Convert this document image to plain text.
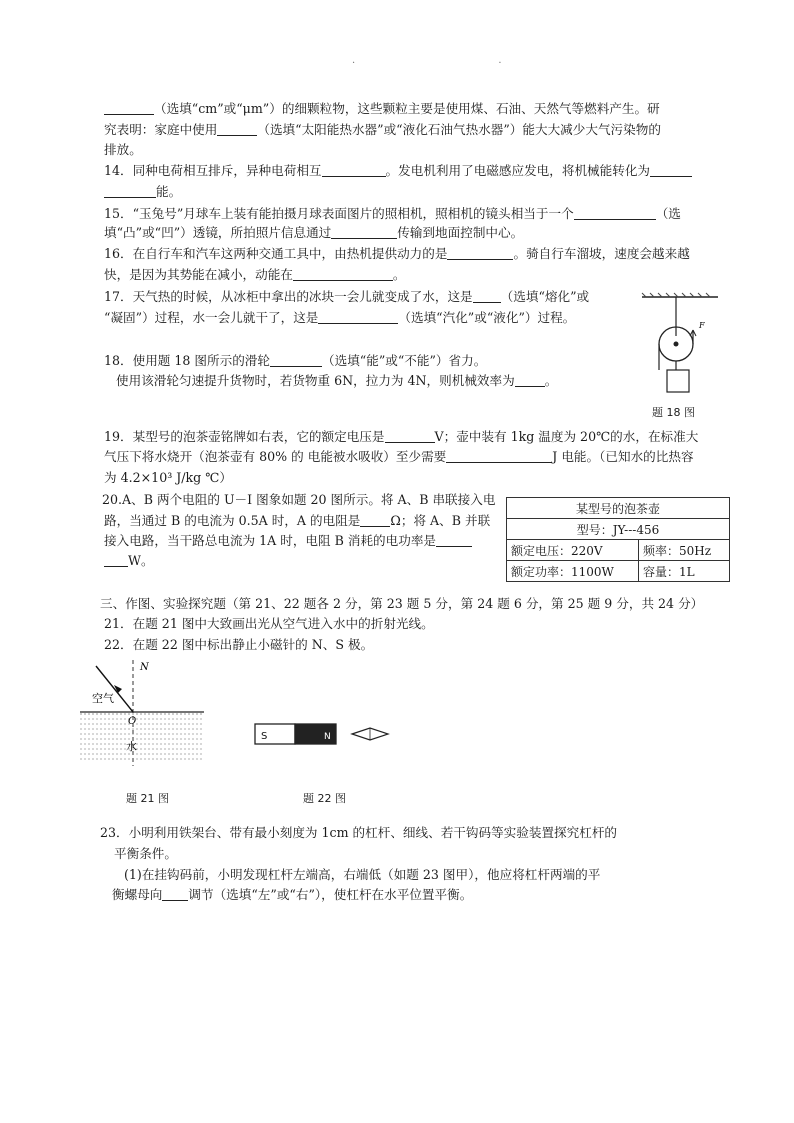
· ·
（选填“cm”或“μm”）的细颗粒物，这些颗粒主要是使用煤、石油、天然气等燃料产生。研
究表明：家庭中使用	（选填“太阳能热水器”或“液化石油气热水器”）能大大减少大气污染物的
排放。
14．同种电荷相互排斥，异种电荷相互	。发电机利用了电磁感应发电，将机械能转化为
能。
15．“玉兔号”月球车上装有能拍摄月球表面图片的照相机，照相机的镜头相当于一个	（选
填“凸”或“凹”）透镜，所拍照片信息通过	传输到地面控制中心。
16．在自行车和汽车这两种交通工具中，由热机提供动力的是	。骑自行车溜坡，速度会越来越
快，是因为其势能在减小，动能在	。
17．天气热的时候，从冰柜中拿出的冰块一会儿就变成了水，这是 （选填“熔化”或
“凝固”）过程，水一会儿就干了，这是	（选填“汽化”或“液化”）过程。
F
题 18 图
18．使用题 18 图所示的滑轮	（选填“能”或“不能”）省力。
使用该滑轮匀速提升货物时，若货物重 6N，拉力为 4N，则机械效率为 。
19．某型号的泡茶壶铭牌如右表，它的额定电压是	V；壶中装有 1kg 温度为 20℃的水，在标准大
气压下将水烧开（泡茶壶有 80% 的 电能被水吸收）至少需要	J 电能。（已知水的比热容
为 4.2×10³ J/kg ℃）
20.A、B 两个电阻的 U－I 图象如题 20 图所示。将 A、B 串联接入电
路，当通过 B 的电流为 0.5A 时，A 的电阻是 Ω；将 A、B 并联
接入电路，当干路总电流为 1A 时，电阻 B 消耗的电功率是
W。
某型号的泡茶壶	
型号：JY---456	
额定电压：220V	频率：50Hz
额定功率：1100W	容量：1L
三、作图、实验探究题（第 21、22 题各 2 分，第 23 题 5 分，第 24 题 6 分，第 25 题 9 分，共 24 分）
21．在题 21 图中大致画出光从空气进入水中的折射光线。
22．在题 22 图中标出静止小磁针的 N、S 极。
N
空气
O
水
题 21 图
S	N
题 22 图
23．小明利用铁架台、带有最小刻度为 1cm 的杠杆、细线、若干钩码等实验装置探究杠杆的
平衡条件。
(1)在挂钩码前，小明发现杠杆左端高，右端低（如题 23 图甲），他应将杠杆两端的平
衡螺母向 调节（选填“左”或“右”），使杠杆在水平位置平衡。
